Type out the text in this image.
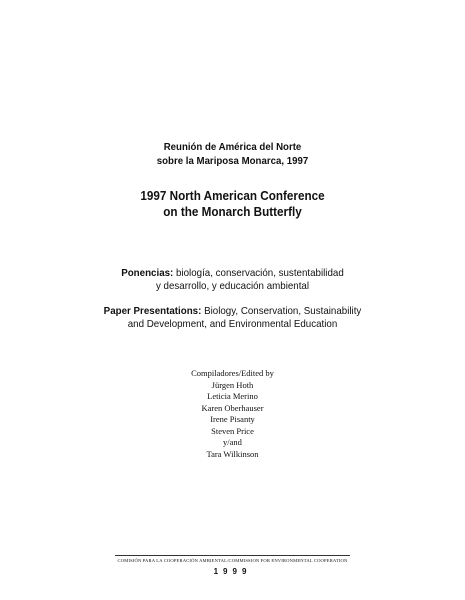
Reunión de América del Norte
sobre la Mariposa Monarca, 1997
1997 North American Conference
on the Monarch Butterfly
Ponencias: biología, conservación, sustentabilidad
y desarrollo, y educación ambiental
Paper Presentations: Biology, Conservation, Sustainability
and Development, and Environmental Education
Compiladores/Edited by
Jürgen Hoth
Leticia Merino
Karen Oberhauser
Irene Pisanty
Steven Price
y/and
Tara Wilkinson
COMISIÓN PARA LA COOPERACIÓN AMBIENTAL/COMMISSION FOR ENVIRONMENTAL COOPERATION
1999
